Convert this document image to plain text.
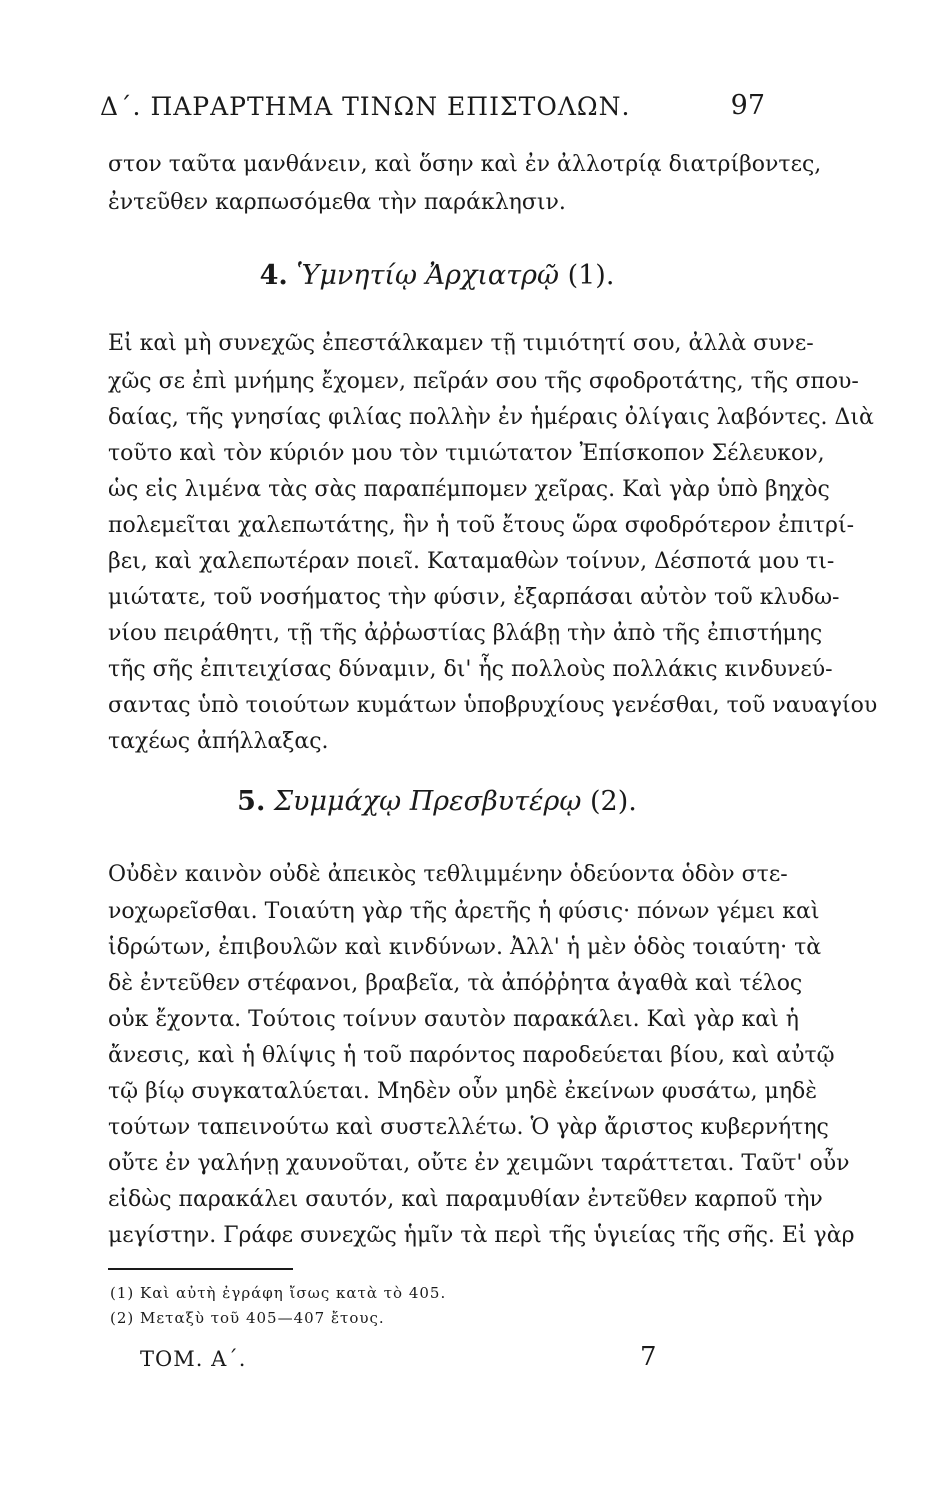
Δ΄. ΠΑΡΑΡΤΗΜΑ ΤΙΝΩΝ ΕΠΙΣΤΟΛΩΝ.	97
στον ταῦτα μανθάνειν, καὶ ὅσην καὶ ἐν ἀλλοτρίᾳ διατρίβοντες,
ἐντεῦθεν καρπωσόμεθα τὴν παράκλησιν.
4. Ὑμνητίῳ Ἀρχιατρῷ (1).
Εἰ καὶ μὴ συνεχῶς ἐπεστάλκαμεν τῇ τιμιότητί σου, ἀλλὰ συνε-
χῶς σε ἐπὶ μνήμης ἔχομεν, πεῖράν σου τῆς σφοδροτάτης, τῆς σπου-
δαίας, τῆς γνησίας φιλίας πολλὴν ἐν ἡμέραις ὀλίγαις λαβόντες. Διὰ
τοῦτο καὶ τὸν κύριόν μου τὸν τιμιώτατον Ἐπίσκοπον Σέλευκον,
ὡς εἰς λιμένα τὰς σὰς παραπέμπομεν χεῖρας. Καὶ γὰρ ὑπὸ βηχὸς
πολεμεῖται χαλεπωτάτης, ἣν ἡ τοῦ ἔτους ὥρα σφοδρότερον ἐπιτρί-
βει, καὶ χαλεπωτέραν ποιεῖ. Καταμαθὼν τοίνυν, Δέσποτά μου τι-
μιώτατε, τοῦ νοσήματος τὴν φύσιν, ἐξαρπάσαι αὐτὸν τοῦ κλυδω-
νίου πειράθητι, τῇ τῆς ἀῤῥωστίας βλάβῃ τὴν ἀπὸ τῆς ἐπιστήμης
τῆς σῆς ἐπιτειχίσας δύναμιν, δι' ἧς πολλοὺς πολλάκις κινδυνεύ-
σαντας ὑπὸ τοιούτων κυμάτων ὑποβρυχίους γενέσθαι, τοῦ ναυαγίου
ταχέως ἀπήλλαξας.
5. Συμμάχῳ Πρεσβυτέρῳ (2).
Οὐδὲν καινὸν οὐδὲ ἀπεικὸς τεθλιμμένην ὁδεύοντα ὁδὸν στε-
νοχωρεῖσθαι. Τοιαύτη γὰρ τῆς ἀρετῆς ἡ φύσις· πόνων γέμει καὶ
ἱδρώτων, ἐπιβουλῶν καὶ κινδύνων. Ἀλλ' ἡ μὲν ὁδὸς τοιαύτη· τὰ
δὲ ἐντεῦθεν στέφανοι, βραβεῖα, τὰ ἀπόῤῥητα ἀγαθὰ καὶ τέλος
οὐκ ἔχοντα. Τούτοις τοίνυν σαυτὸν παρακάλει. Καὶ γὰρ καὶ ἡ
ἄνεσις, καὶ ἡ θλίψις ἡ τοῦ παρόντος παροδεύεται βίου, καὶ αὐτῷ
τῷ βίῳ συγκαταλύεται. Μηδὲν οὖν μηδὲ ἐκείνων φυσάτω, μηδὲ
τούτων ταπεινούτω καὶ συστελλέτω. Ὁ γὰρ ἄριστος κυβερνήτης
οὔτε ἐν γαλήνῃ χαυνοῦται, οὔτε ἐν χειμῶνι ταράττεται. Ταῦτ' οὖν
εἰδὼς παρακάλει σαυτόν, καὶ παραμυθίαν ἐντεῦθεν καρποῦ τὴν
μεγίστην. Γράφε συνεχῶς ἡμῖν τὰ περὶ τῆς ὑγιείας τῆς σῆς. Εἰ γὰρ
(1) Καὶ αὐτὴ ἐγράφη ἴσως κατὰ τὸ 405.
(2) Μεταξὺ τοῦ 405—407 ἔτους.
ΤΟΜ. Α΄.	7
